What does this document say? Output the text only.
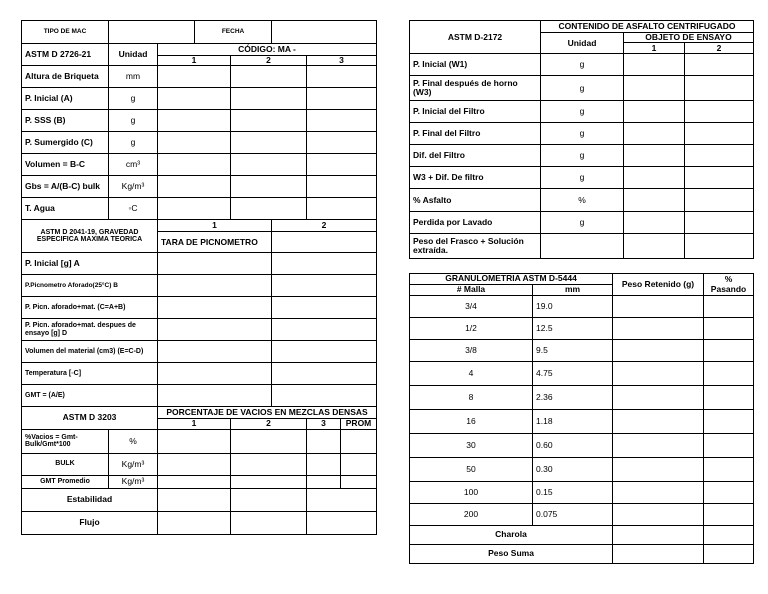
TIPO DE MAC			FECHA				
ASTM D 2726-21	Unidad	CÓDIGO: MA -					
		1		2		3	
Altura de Briqueta	mm						
P. Inicial (A)	g						
P. SSS (B)	g						
P. Sumergido (C)	g						
Volumen = B-C	cm³						
Gbs = A/(B-C) bulk	Kg/m³						
T. Agua	◦C						
ASTM D 2041-19, GRAVEDAD ESPECIFICA MAXIMA TEORICA		1			2		
		TARA DE PICNOMETRO					
P. Inicial [g] A							
P.Picnometro Aforado(25°C) B							
P. Picn. aforado+mat. (C=A+B)							
P. Picn. aforado+mat. despues de ensayo [g] D							
Volumen del material (cm3) (E=C-D)							
Temperatura [◦C]							
GMT = (A/E)							
ASTM D 3203		PORCENTAJE DE VACIOS EN MEZCLAS DENSAS					
		1		2		3	PROM
%Vacios = Gmt-Bulk/Gmt*100	%						
BULK	Kg/m³						
GMT Promedio	Kg/m³						
Estabilidad							
Flujo							
ASTM D-2172	CONTENIDO DE ASFALTO CENTRIFUGADO		
	Unidad	OBJETO DE ENSAYO	
		1	2
P. Inicial (W1)	g		
P. Final después de horno (W3)	g		
P. Inicial del Filtro	g		
P. Final del Filtro	g		
Dif. del Filtro	g		
W3 + Dif. De filtro	g		
% Asfalto	%		
Perdida por Lavado	g		
Peso del Frasco + Solución extraída.			
GRANULOMETRIA ASTM D-5444		Peso Retenido (g)	% Pasando
# Malla	mm		
3/4	19.0		
1/2	12.5		
3/8	9.5		
4	4.75		
8	2.36		
16	1.18		
30	0.60		
50	0.30		
100	0.15		
200	0.075		
Charola			
Peso Suma			
